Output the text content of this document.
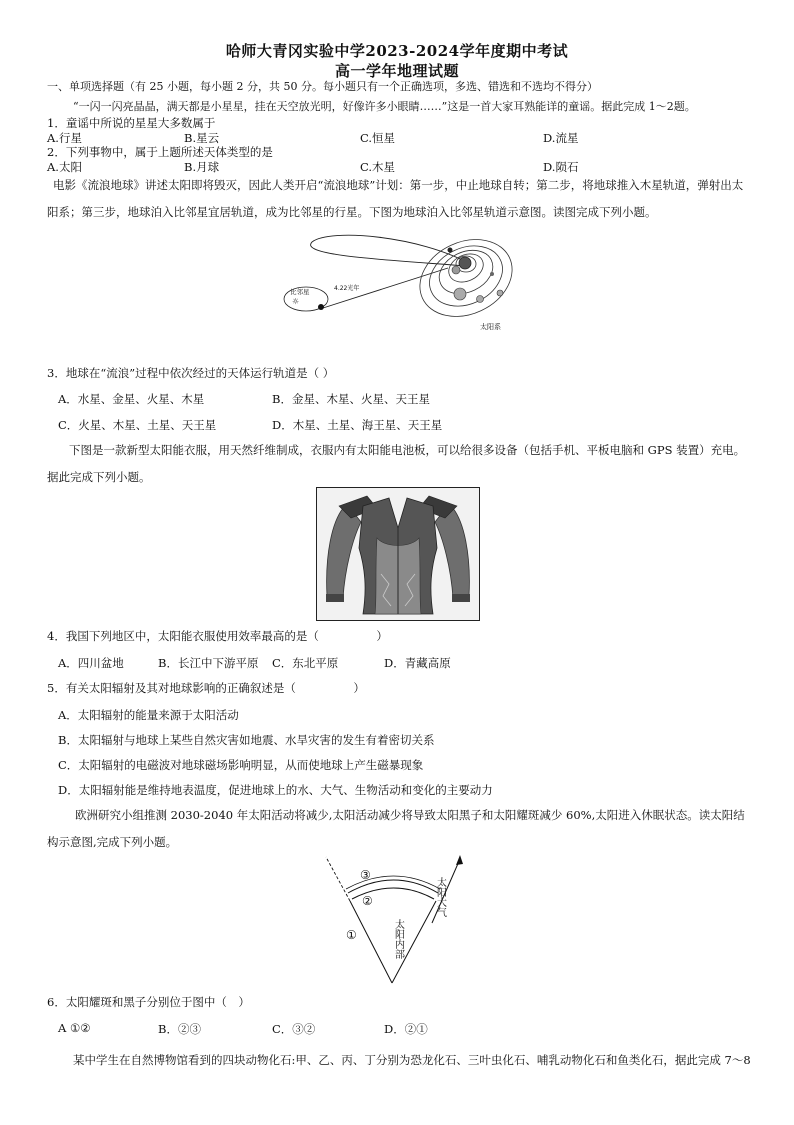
哈师大青冈实验中学2023-2024学年度期中考试
高一学年地理试题
一、单项选择题（有 25 小题，每小题 2 分，共 50 分。每小题只有一个正确选项，多选、错选和不选均不得分）
“一闪一闪亮晶晶，满天都是小星星，挂在天空放光明，好像许多小眼睛……”这是一首大家耳熟能详的童谣。据此完成 1～2题。
1．童谣中所说的星星大多数属于
A.行星	B.星云	C.恒星	D.流星
2．下列事物中，属于上题所述天体类型的是
A.太阳	B.月球	C.木星	D.陨石
电影《流浪地球》讲述太阳即将毁灭，因此人类开启“流浪地球”计划：第一步，中止地球自转；第二步，将地球推入木星轨道，弹射出太阳系；第三步，地球泊入比邻星宜居轨道，成为比邻星的行星。下图为地球泊入比邻星轨道示意图。读图完成下列小题。
比邻星
☼
4.22光年
太阳系
3．地球在“流浪”过程中依次经过的天体运行轨道是（ ）
A．水星、金星、火星、木星	B．金星、木星、火星、天王星
C．火星、木星、土星、天王星	D．木星、土星、海王星、天王星
下图是一款新型太阳能衣服，用天然纤维制成，衣服内有太阳能电池板，可以给很多设备（包括手机、平板电脑和 GPS 装置）充电。据此完成下列小题。
4．我国下列地区中，太阳能衣服使用效率最高的是（　　　　　）
A．四川盆地	B．长江中下游平原 C．东北平原	D．青藏高原
5．有关太阳辐射及其对地球影响的正确叙述是（　　　　　）
A．太阳辐射的能量来源于太阳活动
B．太阳辐射与地球上某些自然灾害如地震、水旱灾害的发生有着密切关系
C．太阳辐射的电磁波对地球磁场影响明显，从而使地球上产生磁暴现象
D．太阳辐射能是维持地表温度，促进地球上的水、大气、生物活动和变化的主要动力
欧洲研究小组推测 2030-2040 年太阳活动将减少,太阳活动减少将导致太阳黑子和太阳耀斑减少 60%,太阳进入休眠状态。读太阳结构示意图,完成下列小题。
③
②
①
太阳大气
太阳内部
6．太阳耀斑和黑子分别位于图中（　）
A ①②	B．②③	C．③②	D．②①
某中学生在自然博物馆看到的四块动物化石:甲、乙、丙、丁分别为恐龙化石、三叶虫化石、哺乳动物化石和鱼类化石，据此完成 7～8
